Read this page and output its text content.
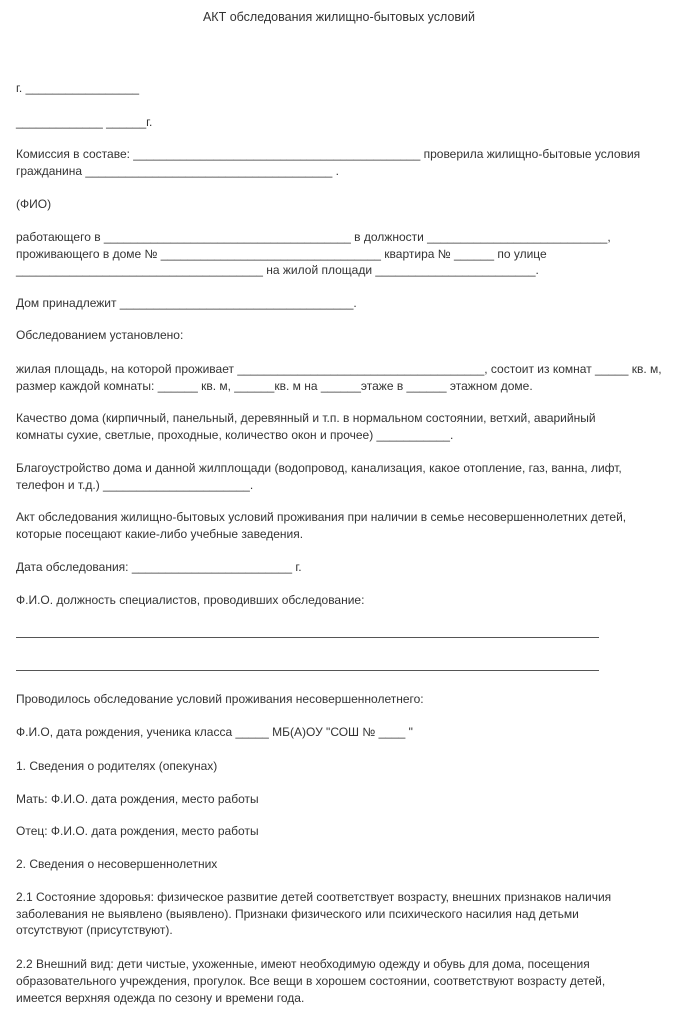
АКТ обследования жилищно-бытовых условий
г. _________________
_____________ ______г.
Комиссия в составе: ___________________________________________ проверила жилищно-бытовые условия
гражданина _____________________________________ .
(ФИО)
работающего в _____________________________________ в должности ___________________________,
проживающего в доме № _________________________________ квартира № ______ по улице
_____________________________________ на жилой площади ________________________.
Дом принадлежит ___________________________________.
Обследованием установлено:
жилая площадь, на которой проживает _____________________________________, состоит из комнат _____ кв. м,
размер каждой комнаты: ______ кв. м, ______кв. м на ______этаже в ______ этажном доме.
Качество дома (кирпичный, панельный, деревянный и т.п. в нормальном состоянии, ветхий, аварийный
комнаты сухие, светлые, проходные, количество окон и прочее) ___________.
Благоустройство дома и данной жилплощади (водопровод, канализация, какое отопление, газ, ванна, лифт,
телефон и т.д.) ______________________.
Акт обследования жилищно-бытовых условий проживания при наличии в семье несовершеннолетних детей,
которые посещают какие-либо учебные заведения.
Дата обследования: ________________________ г.
Ф.И.О. должность специалистов, проводивших обследование:
Проводилось обследование условий проживания несовершеннолетнего:
Ф.И.О, дата рождения, ученика класса _____ МБ(А)ОУ "СОШ № ____ "
1. Сведения о родителях (опекунах)
Мать: Ф.И.О. дата рождения, место работы
Отец: Ф.И.О. дата рождения, место работы
2. Сведения о несовершеннолетних
2.1 Состояние здоровья: физическое развитие детей соответствует возрасту, внешних признаков наличия
заболевания не выявлено (выявлено). Признаки физического или психического насилия над детьми
отсутствуют (присутствуют).
2.2 Внешний вид: дети чистые, ухоженные, имеют необходимую одежду и обувь для дома, посещения
образовательного учреждения, прогулок. Все вещи в хорошем состоянии, соответствуют возрасту детей,
имеется верхняя одежда по сезону и времени года.
